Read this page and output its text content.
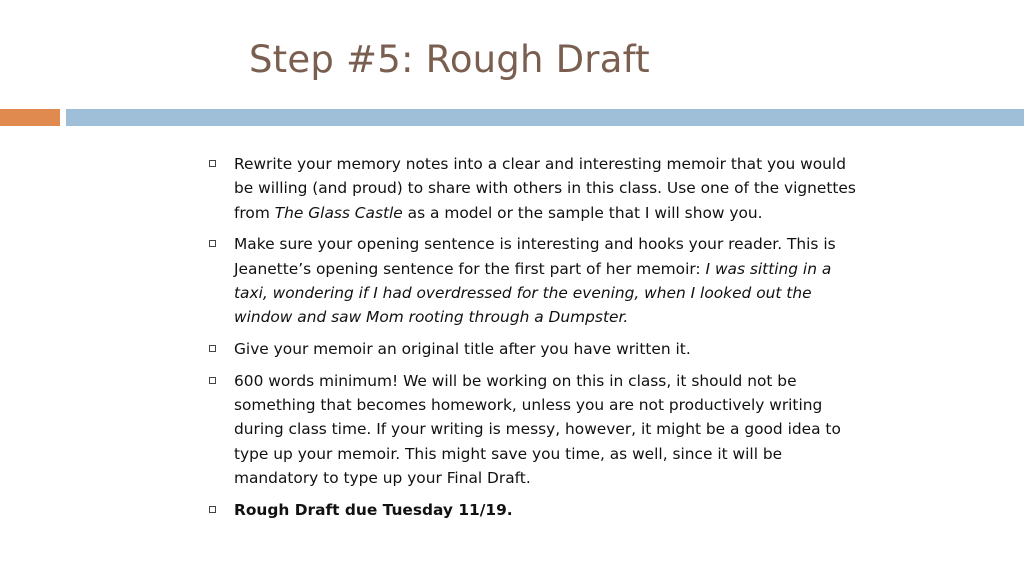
Step #5: Rough Draft
Rewrite your memory notes into a clear and interesting memoir that you would be willing (and proud) to share with others in this class. Use one of the vignettes from The Glass Castle as a model or the sample that I will show you.
Make sure your opening sentence is interesting and hooks your reader. This is Jeanette’s opening sentence for the first part of her memoir: I was sitting in a taxi, wondering if I had overdressed for the evening, when I looked out the window and saw Mom rooting through a Dumpster.
Give your memoir an original title after you have written it.
600 words minimum! We will be working on this in class, it should not be something that becomes homework, unless you are not productively writing during class time. If your writing is messy, however, it might be a good idea to type up your memoir. This might save you time, as well, since it will be mandatory to type up your Final Draft.
Rough Draft due Tuesday 11/19.
